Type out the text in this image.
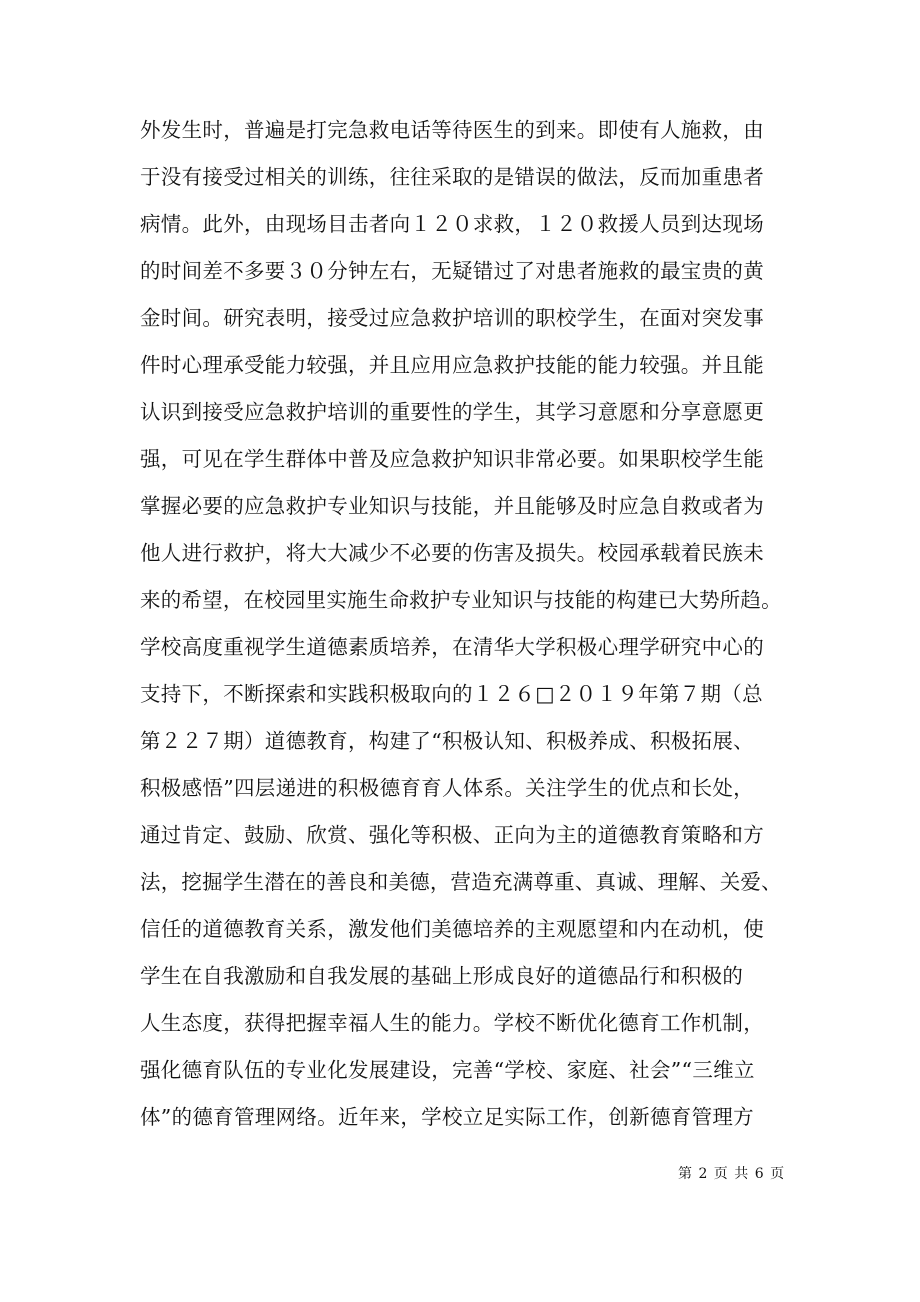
外发生时，普遍是打完急救电话等待医生的到来。即使有人施救，由
于没有接受过相关的训练，往往采取的是错误的做法，反而加重患者
病情。此外，由现场目击者向１２０求救，１２０救援人员到达现场
的时间差不多要３０分钟左右，无疑错过了对患者施救的最宝贵的黄
金时间。研究表明，接受过应急救护培训的职校学生，在面对突发事
件时心理承受能力较强，并且应用应急救护技能的能力较强。并且能
认识到接受应急救护培训的重要性的学生，其学习意愿和分享意愿更
强，可见在学生群体中普及应急救护知识非常必要。如果职校学生能
掌握必要的应急救护专业知识与技能，并且能够及时应急自救或者为
他人进行救护，将大大减少不必要的伤害及损失。校园承载着民族未
来的希望，在校园里实施生命救护专业知识与技能的构建已大势所趋。
学校高度重视学生道德素质培养，在清华大学积极心理学研究中心的
支持下，不断探索和实践积极取向的１２６□２０１９年第７期（总
第２２７期）道德教育，构建了“积极认知、积极养成、积极拓展、
积极感悟”四层递进的积极德育育人体系。关注学生的优点和长处，
通过肯定、鼓励、欣赏、强化等积极、正向为主的道德教育策略和方
法，挖掘学生潜在的善良和美德，营造充满尊重、真诚、理解、关爱、
信任的道德教育关系，激发他们美德培养的主观愿望和内在动机，使
学生在自我激励和自我发展的基础上形成良好的道德品行和积极的
人生态度，获得把握幸福人生的能力。学校不断优化德育工作机制，
强化德育队伍的专业化发展建设，完善“学校、家庭、社会”“三维立
体”的德育管理网络。近年来，学校立足实际工作，创新德育管理方
第 2 页 共 6 页
